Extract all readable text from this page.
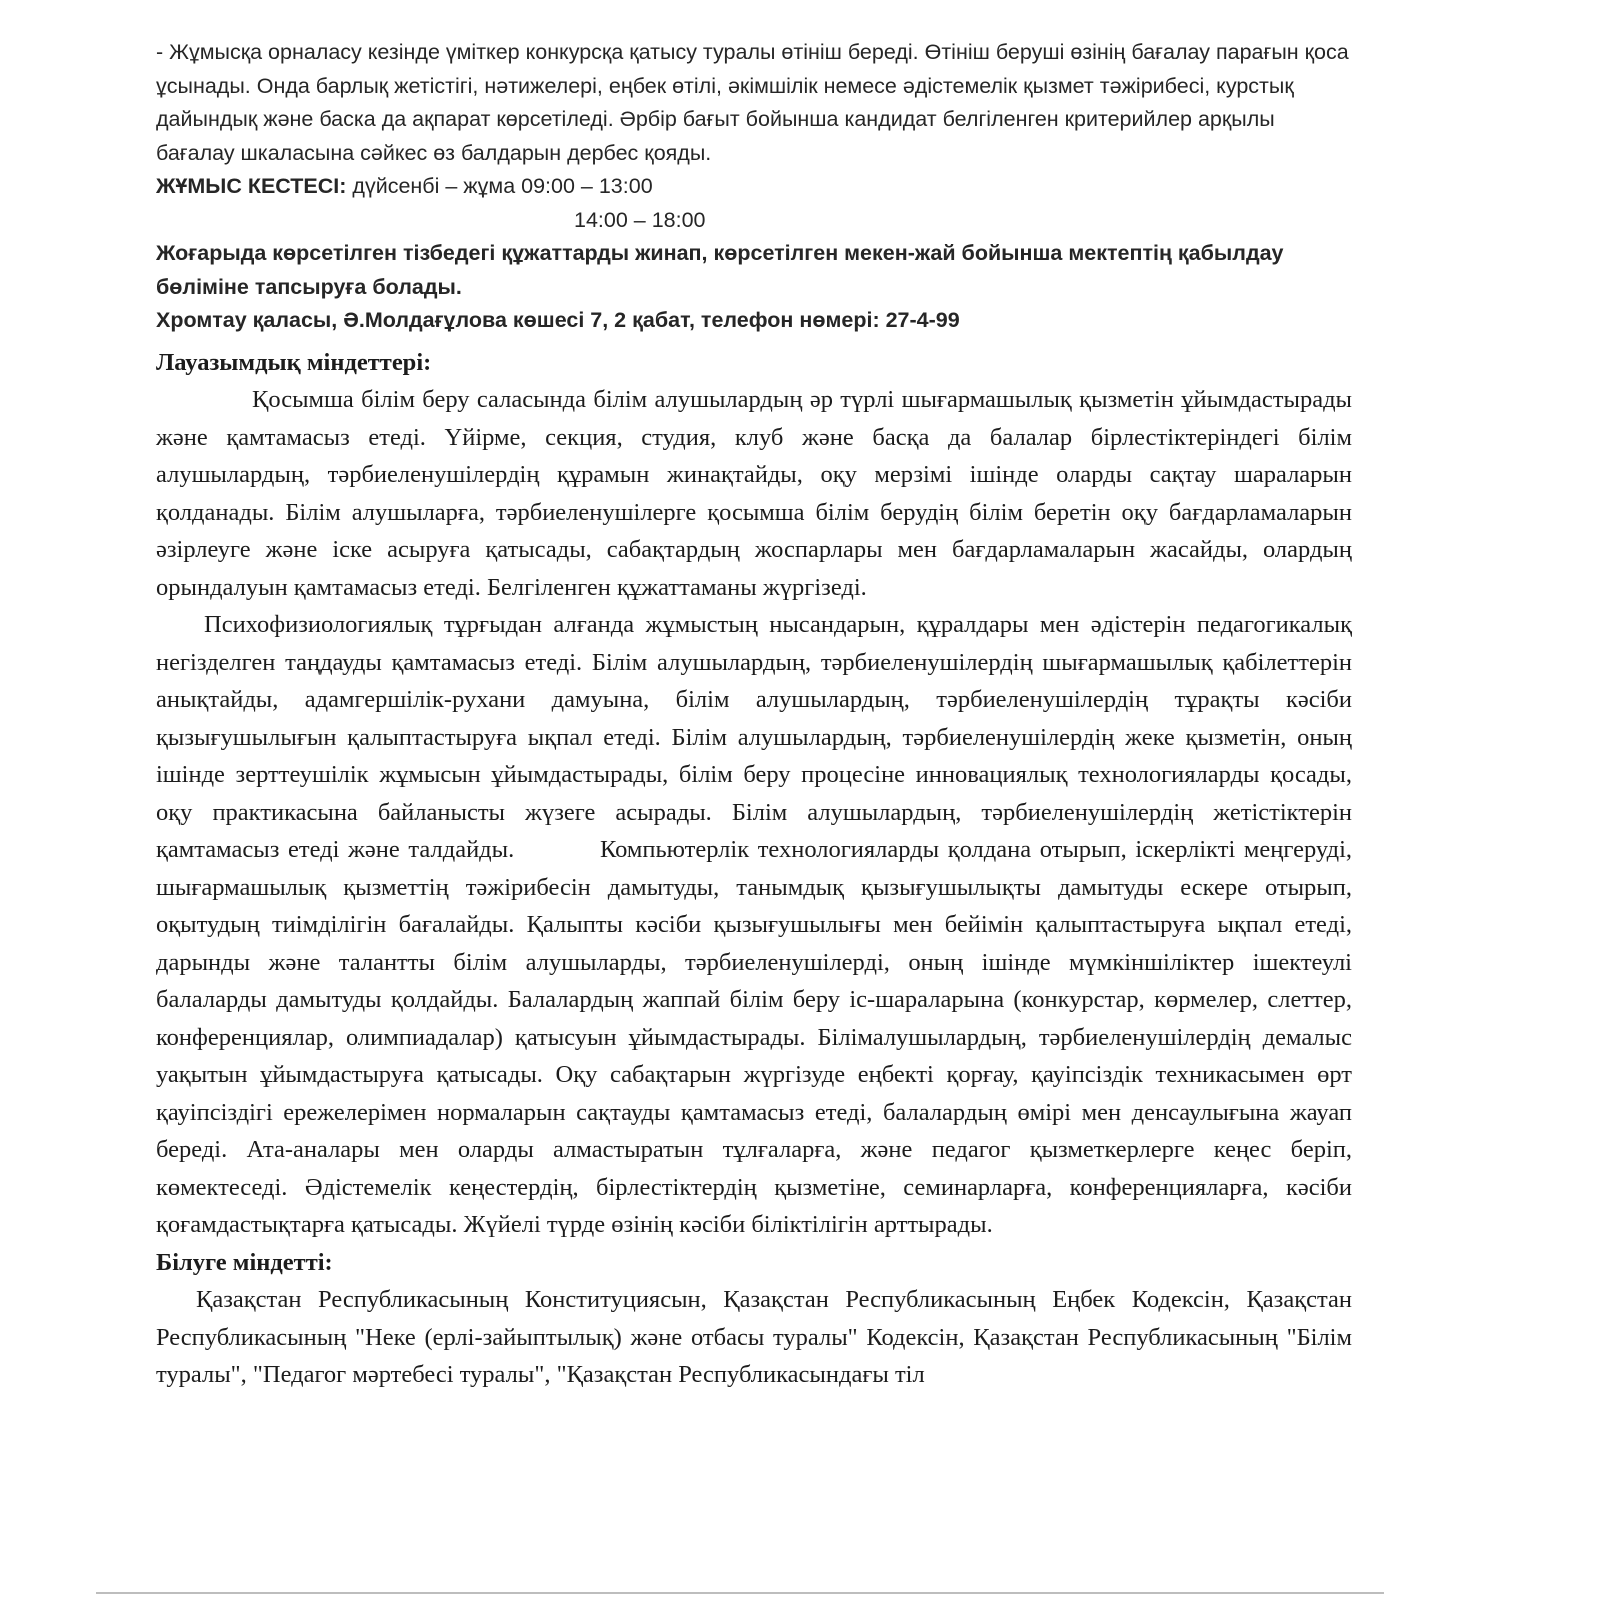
- Жұмысқа орналасу кезінде үміткер конкурсқа қатысу туралы өтініш береді. Өтініш беруші өзінің бағалау парағын қоса ұсынады. Онда барлық жетістігі, нәтижелері, еңбек өтілі, әкімшілік немесе әдістемелік қызмет тәжірибесі, курстық дайындық және баска да ақпарат көрсетіледі. Әрбір бағыт бойынша кандидат белгіленген критерийлер арқылы бағалау шкаласына сәйкес өз балдарын дербес қояды.

ЖҰМЫС КЕСТЕСІ: дүйсенбі – жұма 09:00 – 13:00
14:00 – 18:00

Жоғарыда көрсетілген тізбедегі құжаттарды жинап, көрсетілген мекен-жай бойынша мектептің қабылдау бөліміне тапсыруға болады.

Хромтау қаласы, Ә.Молдағұлова көшесі 7, 2 қабат, телефон нөмері: 27-4-99

Лауазымдық міндеттері:

Қосымша білім беру саласында білім алушылардың әр түрлі шығармашылық қызметін ұйымдастырады және қамтамасыз етеді. Үйірме, секция, студия, клуб және басқа да балалар бірлестіктеріндегі білім алушылардың, тәрбиеленушілердің құрамын жинақтайды, оқу мерзімі ішінде оларды сақтау шараларын қолданады. Білім алушыларға, тәрбиеленушілерге қосымша білім берудің білім беретін оқу бағдарламаларын әзірлеуге және іске асыруға қатысады, сабақтардың жоспарлары мен бағдарламаларын жасайды, олардың орындалуын қамтамасыз етеді. Белгіленген құжаттаманы жүргізеді.

Психофизиологиялық тұрғыдан алғанда жұмыстың нысандарын, құралдары мен әдістерін педагогикалық негізделген таңдауды қамтамасыз етеді. Білім алушылардың, тәрбиеленушілердің шығармашылық қабілеттерін анықтайды, адамгершілік-рухани дамуына, білім алушылардың, тәрбиеленушілердің тұрақты кәсіби қызығушылығын қалыптастыруға ықпал етеді. Білім алушылардың, тәрбиеленушілердің жеке қызметін, оның ішінде зерттеушілік жұмысын ұйымдастырады, білім беру процесіне инновациялық технологияларды қосады, оқу практикасына байланысты жүзеге асырады. Білім алушылардың, тәрбиеленушілердің жетістіктерін қамтамасыз етеді және талдайды.    	Компьютерлік технологияларды қолдана отырып, іскерлікті меңгеруді, шығармашылық қызметтің тәжірибесін дамытуды, танымдық қызығушылықты дамытуды ескере отырып, оқытудың тиімділігін бағалайды. Қалыпты кәсіби қызығушылығы мен бейімін қалыптастыруға ықпал етеді, дарынды және талантты білім алушыларды, тәрбиеленушілерді, оның ішінде мүмкіншіліктер ішектеулі балаларды дамытуды қолдайды. Балалардың жаппай білім беру іс-шараларына (конкурстар, көрмелер, слеттер, конференциялар, олимпиадалар) қатысуын ұйымдастырады. Білімалушылардың, тәрбиеленушілердің демалыс уақытын ұйымдастыруға қатысады. Оқу сабақтарын жүргізуде еңбекті қорғау, қауіпсіздік техникасымен өрт қауіпсіздігі ережелерімен нормаларын сақтауды қамтамасыз етеді, балалардың өмірі мен денсаулығына жауап береді. Ата-аналары мен оларды алмастыратын тұлғаларға, және педагог қызметкерлерге кеңес беріп, көмектеседі. Әдістемелік кеңестердің, бірлестіктердің қызметіне, семинарларға, конференцияларға, кәсіби қоғамдастықтарға қатысады. Жүйелі түрде өзінің кәсіби біліктілігін арттырады.

Білуге міндетті:

Қазақстан Республикасының Конституциясын, Қазақстан Республикасының Еңбек Кодексін, Қазақстан Республикасының "Неке (ерлі-зайыптылық) және отбасы туралы" Кодексін, Қазақстан Республикасының "Білім туралы", "Педагог мәртебесі туралы", "Қазақстан Республикасындағы тіл
